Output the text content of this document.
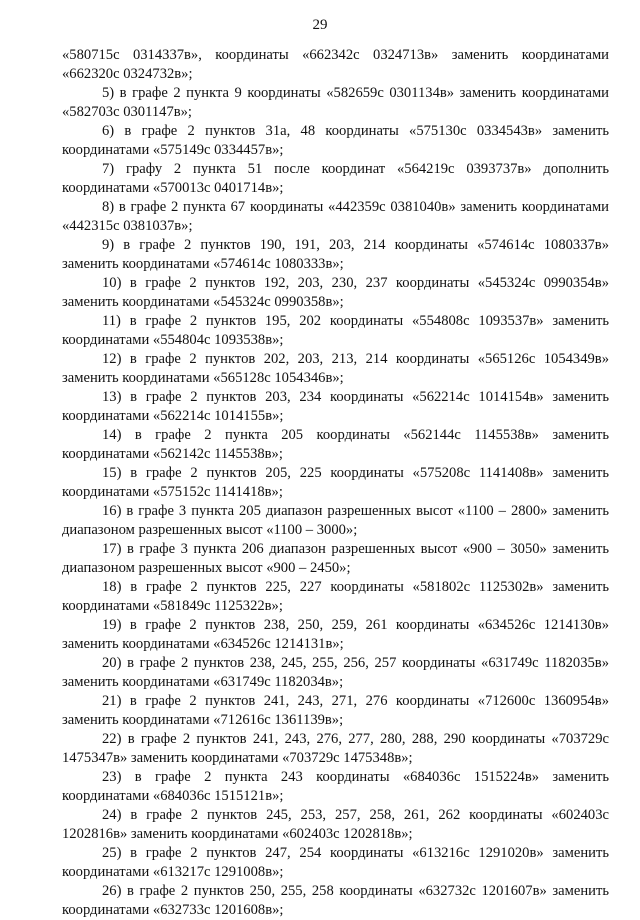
29

«580715с 0314337в», координаты «662342с 0324713в» заменить координатами «662320с 0324732в»;

5) в графе 2 пункта 9 координаты «582659с 0301134в» заменить координатами «582703с 0301147в»;

6) в графе 2 пунктов 31а, 48 координаты «575130с 0334543в» заменить координатами «575149с 0334457в»;

7) графу 2 пункта 51 после координат «564219с 0393737в» дополнить координатами «570013с 0401714в»;

8) в графе 2 пункта 67 координаты «442359с 0381040в» заменить координатами «442315с 0381037в»;

9) в графе 2 пунктов 190, 191, 203, 214 координаты «574614с 1080337в» заменить координатами «574614с 1080333в»;

10) в графе 2 пунктов 192, 203, 230, 237 координаты «545324с 0990354в» заменить координатами «545324с 0990358в»;

11) в графе 2 пунктов 195, 202 координаты «554808с 1093537в» заменить координатами «554804с 1093538в»;

12) в графе 2 пунктов 202, 203, 213, 214 координаты «565126с 1054349в» заменить координатами «565128с 1054346в»;

13) в графе 2 пунктов 203, 234 координаты «562214с 1014154в» заменить координатами «562214с 1014155в»;

14) в графе 2 пункта 205 координаты «562144с 1145538в» заменить координатами «562142с 1145538в»;

15) в графе 2 пунктов 205, 225 координаты «575208с 1141408в» заменить координатами «575152с 1141418в»;

16) в графе 3 пункта 205 диапазон разрешенных высот «1100 – 2800» заменить диапазоном разрешенных высот «1100 – 3000»;

17) в графе 3 пункта 206 диапазон разрешенных высот «900 – 3050» заменить диапазоном разрешенных высот «900 – 2450»;

18) в графе 2 пунктов 225, 227 координаты «581802с 1125302в» заменить координатами «581849с 1125322в»;

19) в графе 2 пунктов 238, 250, 259, 261 координаты «634526с 1214130в» заменить координатами «634526с 1214131в»;

20) в графе 2 пунктов 238, 245, 255, 256, 257 координаты «631749с 1182035в» заменить координатами «631749с 1182034в»;

21) в графе 2 пунктов 241, 243, 271, 276 координаты «712600с 1360954в» заменить координатами «712616с 1361139в»;

22) в графе 2 пунктов 241, 243, 276, 277, 280, 288, 290 координаты «703729с 1475347в» заменить координатами «703729с 1475348в»;

23) в графе 2 пункта 243 координаты «684036с 1515224в» заменить координатами «684036с 1515121в»;

24) в графе 2 пунктов 245, 253, 257, 258, 261, 262 координаты «602403с 1202816в» заменить координатами «602403с 1202818в»;

25) в графе 2 пунктов 247, 254 координаты «613216с 1291020в» заменить координатами «613217с 1291008в»;

26) в графе 2 пунктов 250, 255, 258 координаты «632732с 1201607в» заменить координатами «632733с 1201608в»;
